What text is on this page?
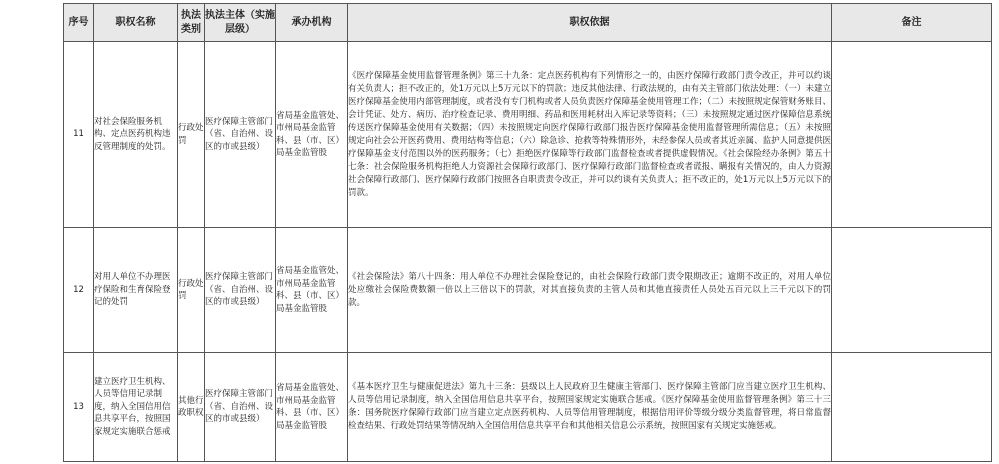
序号	职权名称	执法类别	执法主体（实施层级）	承办机构	职权依据	备注
11	对社会保险服务机构、定点医药机构违反管理制度的处罚。	行政处罚	医疗保障主管部门（省、自治州、设区的市或县级）	省局基金监管处、市州局基金监管科、县（市、区）局基金监管股	《医疗保障基金使用监督管理条例》第三十九条：定点医药机构有下列情形之一的，由医疗保障行政部门责令改正，并可以约谈有关负责人；拒不改正的，处1万元以上5万元以下的罚款；违反其他法律、行政法规的，由有关主管部门依法处理：（一）未建立医疗保障基金使用内部管理制度，或者没有专门机构或者人员负责医疗保障基金使用管理工作；（二）未按照规定保管财务账目、会计凭证、处方、病历、治疗检查记录、费用明细、药品和医用耗材出入库记录等资料；（三）未按照规定通过医疗保障信息系统传送医疗保障基金使用有关数据；（四）未按照规定向医疗保障行政部门报告医疗保障基金使用监督管理所需信息；（五）未按照规定向社会公开医药费用、费用结构等信息；（六）除急诊、抢救等特殊情形外，未经参保人员或者其近亲属、监护人同意提供医疗保障基金支付范围以外的医药服务；（七）拒绝医疗保障等行政部门监督检查或者提供虚假情况。《社会保险经办条例》第五十七条：社会保险服务机构拒绝人力资源社会保障行政部门、医疗保障行政部门监督检查或者谎报、瞒报有关情况的，由人力资源社会保障行政部门、医疗保障行政部门按照各自职责责令改正，并可以约谈有关负责人；拒不改正的，处1万元以上5万元以下的罚款。	
12	对用人单位不办理医疗保险和生育保险登记的处罚	行政处罚	医疗保障主管部门（省、自治州、设区的市或县级）	省局基金监管处、市州局基金监管科、县（市、区）局基金监管股	《社会保险法》第八十四条：用人单位不办理社会保险登记的，由社会保险行政部门责令限期改正；逾期不改正的，对用人单位处应缴社会保险费数额一倍以上三倍以下的罚款，对其直接负责的主管人员和其他直接责任人员处五百元以上三千元以下的罚款。	
13	建立医疗卫生机构、人员等信用记录制度，纳入全国信用信息共享平台，按照国家规定实施联合惩戒	其他行政职权	医疗保障主管部门（省、自治州、设区的市或县级）	省局基金监管处、市州局基金监管科、县（市、区）局基金监管股	《基本医疗卫生与健康促进法》第九十三条：县级以上人民政府卫生健康主管部门、医疗保障主管部门应当建立医疗卫生机构、人员等信用记录制度，纳入全国信用信息共享平台，按照国家规定实施联合惩戒。《医疗保障基金使用监督管理条例》第三十三条：国务院医疗保障行政部门应当建立定点医药机构、人员等信用管理制度，根据信用评价等级分级分类监督管理，将日常监督检查结果、行政处罚结果等情况纳入全国信用信息共享平台和其他相关信息公示系统，按照国家有关规定实施惩戒。	
